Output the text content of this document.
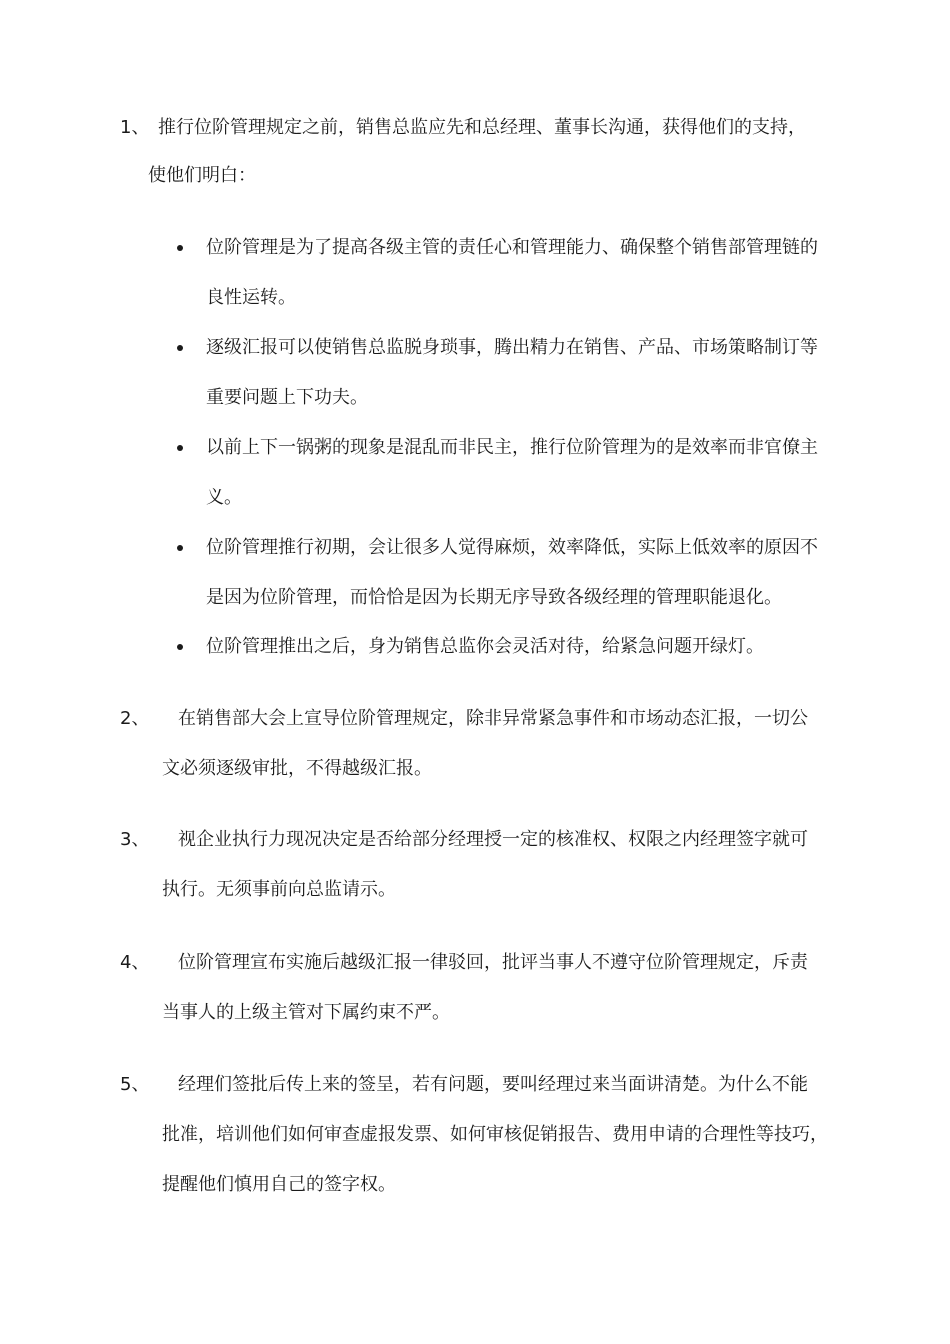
1、 推行位阶管理规定之前，销售总监应先和总经理、董事长沟通，获得他们的支持，
使他们明白：
位阶管理是为了提高各级主管的责任心和管理能力、确保整个销售部管理链的
良性运转。
逐级汇报可以使销售总监脱身琐事，腾出精力在销售、产品、市场策略制订等
重要问题上下功夫。
以前上下一锅粥的现象是混乱而非民主，推行位阶管理为的是效率而非官僚主
义。
位阶管理推行初期，会让很多人觉得麻烦，效率降低，实际上低效率的原因不
是因为位阶管理，而恰恰是因为长期无序导致各级经理的管理职能退化。
位阶管理推出之后，身为销售总监你会灵活对待，给紧急问题开绿灯。
2、 在销售部大会上宣导位阶管理规定，除非异常紧急事件和市场动态汇报，一切公
文必须逐级审批，不得越级汇报。
3、 视企业执行力现况决定是否给部分经理授一定的核准权、权限之内经理签字就可
执行。无须事前向总监请示。
4、 位阶管理宣布实施后越级汇报一律驳回，批评当事人不遵守位阶管理规定，斥责
当事人的上级主管对下属约束不严。
5、 经理们签批后传上来的签呈，若有问题，要叫经理过来当面讲清楚。为什么不能
批准，培训他们如何审查虚报发票、如何审核促销报告、费用申请的合理性等技巧，
提醒他们慎用自己的签字权。
